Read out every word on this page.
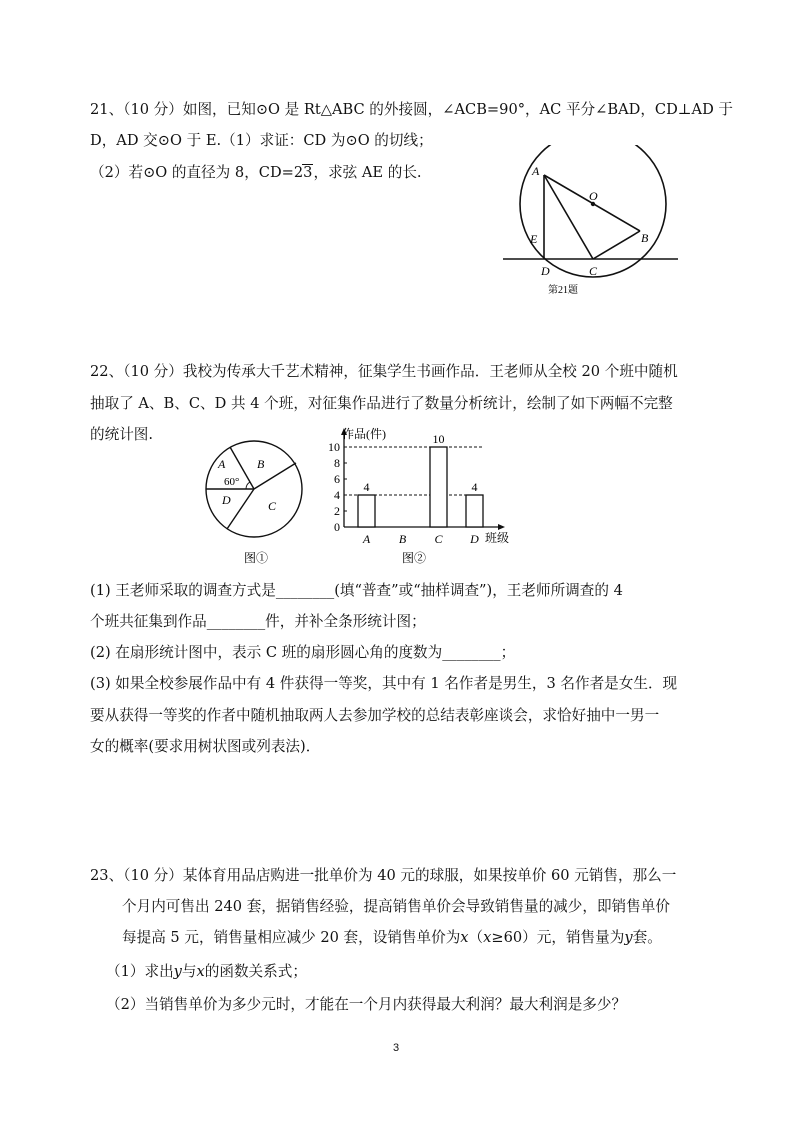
21、（10 分）如图，已知⊙O 是 Rt△ABC 的外接圆，∠ACB=90°，AC 平分∠BAD，CD⊥AD 于
D，AD 交⊙O 于 E.（1）求证：CD 为⊙O 的切线；
（2）若⊙O 的直径为 8，CD=23，求弦 AE 的长.	A
O
E	B
D	C
第21题
22、（10 分）我校为传承大千艺术精神，征集学生书画作品．王老师从全校 20 个班中随机
抽取了 A、B、C、D 共 4 个班，对征集作品进行了数量分析统计，绘制了如下两幅不完整
的统计图.
A	B
D	C
60°
图①
作品(件)
班级
图②
0
2
4
6
8
10
4
A B
10
C
4
D
(1) 王老师采取的调查方式是________(填“普查”或“抽样调查”)，王老师所调查的 4
个班共征集到作品________件，并补全条形统计图；
(2) 在扇形统计图中，表示 C 班的扇形圆心角的度数为________；
(3) 如果全校参展作品中有 4 件获得一等奖，其中有 1 名作者是男生，3 名作者是女生．现
要从获得一等奖的作者中随机抽取两人去参加学校的总结表彰座谈会，求恰好抽中一男一
女的概率(要求用树状图或列表法)．
23、（10 分）某体育用品店购进一批单价为 40 元的球服，如果按单价 60 元销售，那么一
个月内可售出 240 套，据销售经验，提高销售单价会导致销售量的减少，即销售单价
每提高 5 元，销售量相应减少 20 套，设销售单价为x（x≥60）元，销售量为y套。
（1）求出y与x的函数关系式；
（2）当销售单价为多少元时，才能在一个月内获得最大利润？最大利润是多少？
3
